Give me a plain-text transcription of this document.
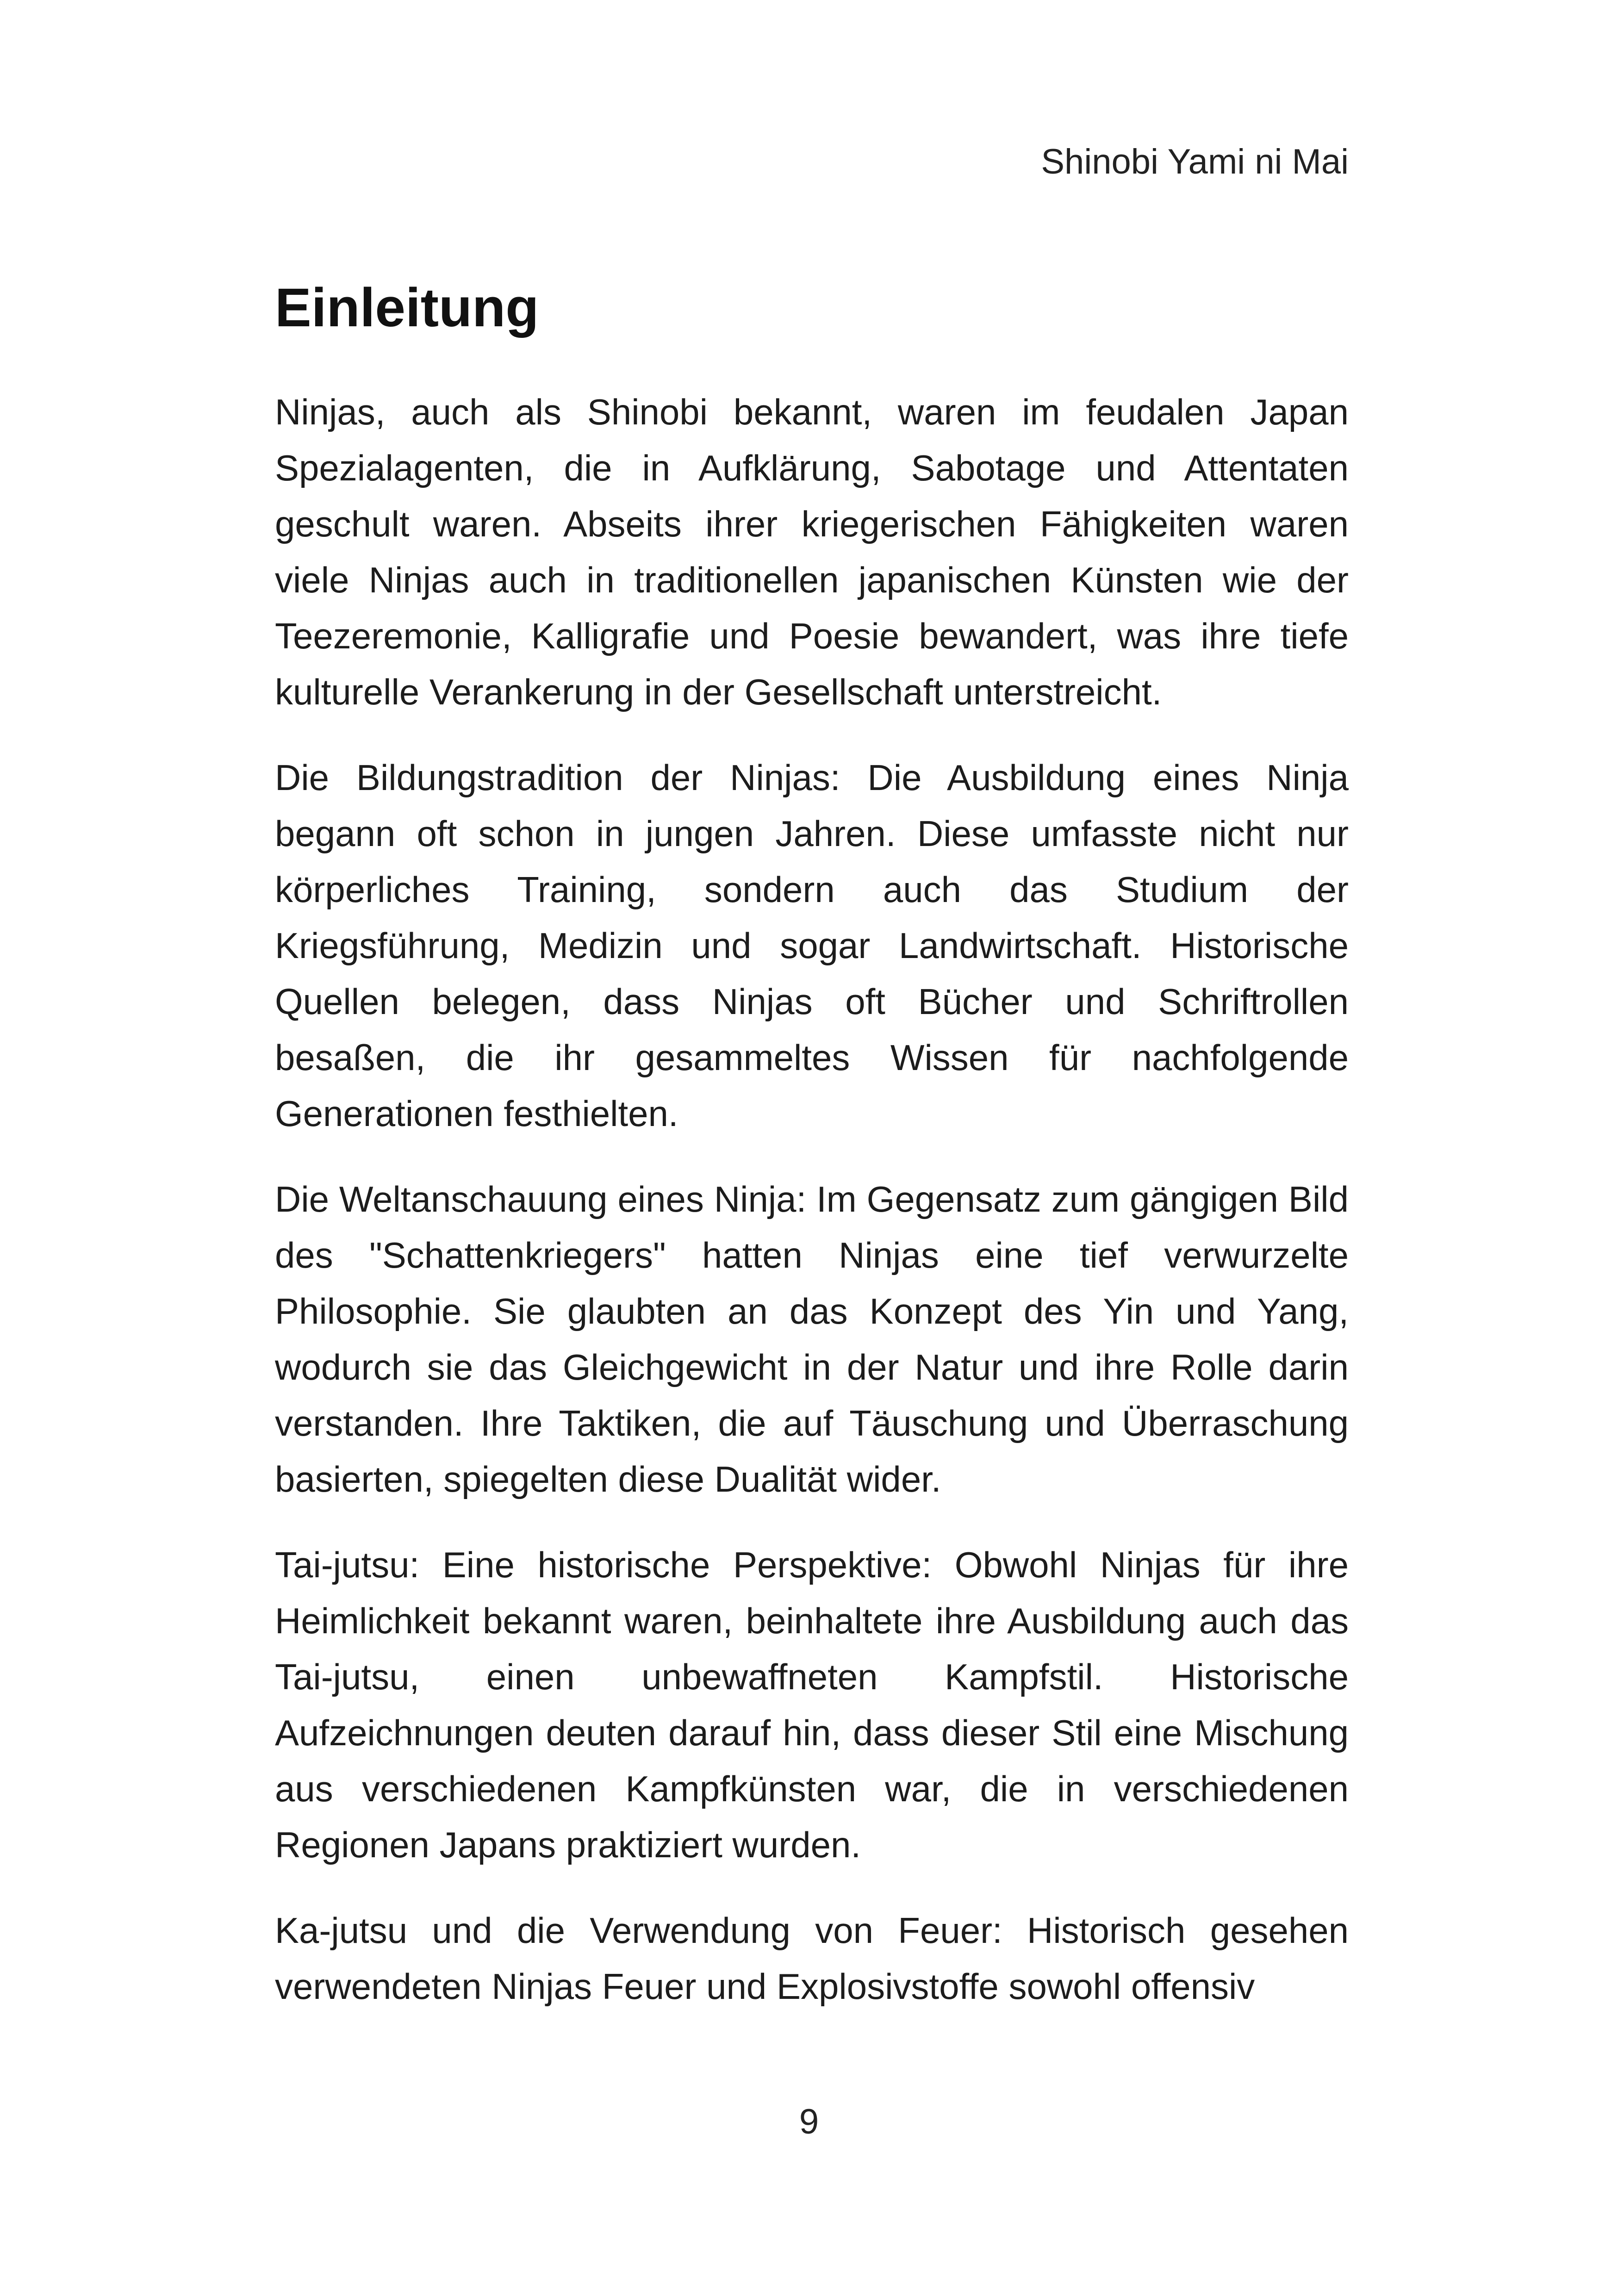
Shinobi Yami ni Mai
Einleitung

Ninjas, auch als Shinobi bekannt, waren im feudalen Japan Spezialagenten, die in Aufklärung, Sabotage und Attentaten geschult waren. Abseits ihrer kriegerischen Fähigkeiten waren viele Ninjas auch in traditionellen japanischen Künsten wie der Teezeremonie, Kalligrafie und Poesie bewandert, was ihre tiefe kulturelle Verankerung in der Gesellschaft unterstreicht.

Die Bildungstradition der Ninjas: Die Ausbildung eines Ninja begann oft schon in jungen Jahren. Diese umfasste nicht nur körperliches Training, sondern auch das Studium der Kriegsführung, Medizin und sogar Landwirtschaft. Historische Quellen belegen, dass Ninjas oft Bücher und Schriftrollen besaßen, die ihr gesammeltes Wissen für nachfolgende Generationen festhielten.

Die Weltanschauung eines Ninja: Im Gegensatz zum gängigen Bild des "Schattenkriegers" hatten Ninjas eine tief verwurzelte Philosophie. Sie glaubten an das Konzept des Yin und Yang, wodurch sie das Gleichgewicht in der Natur und ihre Rolle darin verstanden. Ihre Taktiken, die auf Täuschung und Überraschung basierten, spiegelten diese Dualität wider.

Tai-jutsu: Eine historische Perspektive: Obwohl Ninjas für ihre Heimlichkeit bekannt waren, beinhaltete ihre Ausbildung auch das Tai-jutsu, einen unbewaffneten Kampfstil. Historische Aufzeichnungen deuten darauf hin, dass dieser Stil eine Mischung aus verschiedenen Kampfkünsten war, die in verschiedenen Regionen Japans praktiziert wurden.

Ka-jutsu und die Verwendung von Feuer: Historisch gesehen verwendeten Ninjas Feuer und Explosivstoffe sowohl offensiv

9
